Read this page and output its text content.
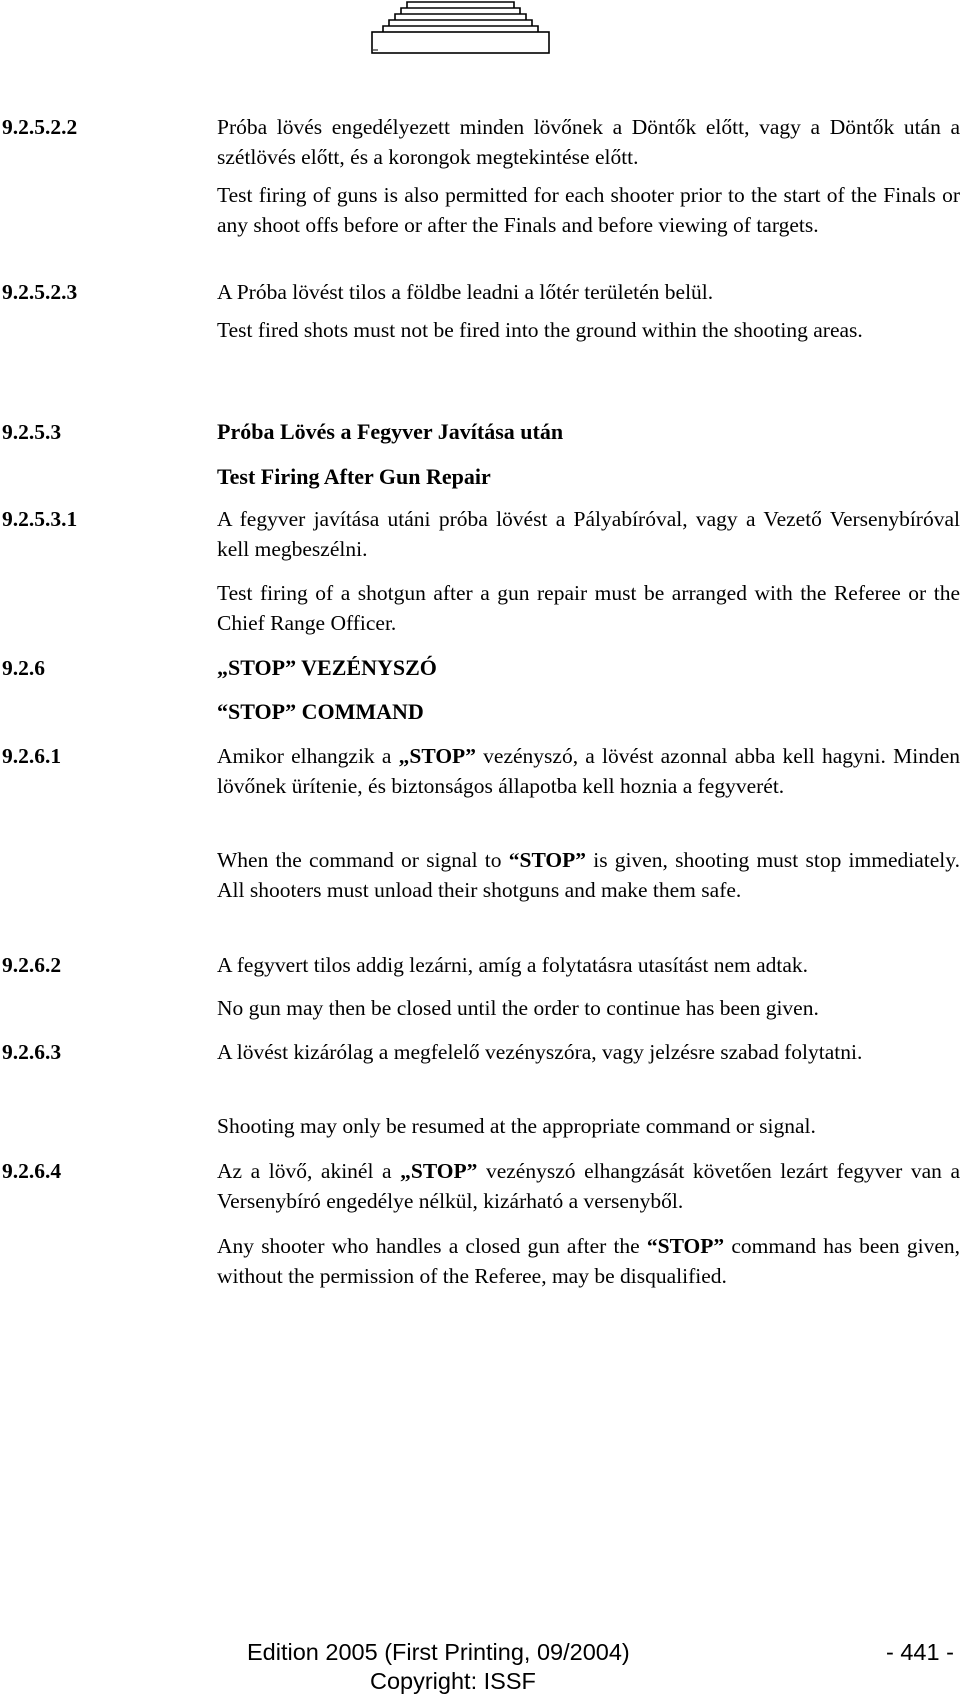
9.2.5.2.2	Próba lövés engedélyezett minden lövőnek a Döntők előtt, vagy a Döntők után a szétlövés előtt, és a korongok megtekintése előtt.

Test firing of guns is also permitted for each shooter prior to the start of the Finals or any shoot offs before or after the Finals and before viewing of targets.

9.2.5.2.3	A Próba lövést tilos a földbe leadni a lőtér területén belül.

Test fired shots must not be fired into the ground within the shooting areas.

9.2.5.3	Próba Lövés a Fegyver Javítása után

Test Firing After Gun Repair

9.2.5.3.1	A fegyver javítása utáni próba lövést a Pályabíróval, vagy a Vezető Versenybíróval kell megbeszélni.

Test firing of a shotgun after a gun repair must be arranged with the Referee or the Chief Range Officer.

9.2.6	„STOP” VEZÉNYSZÓ

“STOP” COMMAND

9.2.6.1	Amikor elhangzik a „STOP” vezényszó, a lövést azonnal abba kell hagyni. Minden lövőnek ürítenie, és biztonságos állapotba kell hoznia a fegyverét.

When the command or signal to “STOP” is given, shooting must stop immediately. All shooters must unload their shotguns and make them safe.

9.2.6.2	A fegyvert tilos addig lezárni, amíg a folytatásra utasítást nem adtak.

No gun may then be closed until the order to continue has been given.

9.2.6.3	A lövést kizárólag a megfelelő vezényszóra, vagy jelzésre szabad folytatni.

Shooting may only be resumed at the appropriate command or signal.

9.2.6.4	Az a lövő, akinél a „STOP” vezényszó elhangzását követően lezárt fegyver van a Versenybíró engedélye nélkül, kizárható a versenyből.

Any shooter who handles a closed gun after the “STOP” command has been given, without the permission of the Referee, may be disqualified.

Edition 2005 (First Printing, 09/2004)	- 441 -
Copyright: ISSF
